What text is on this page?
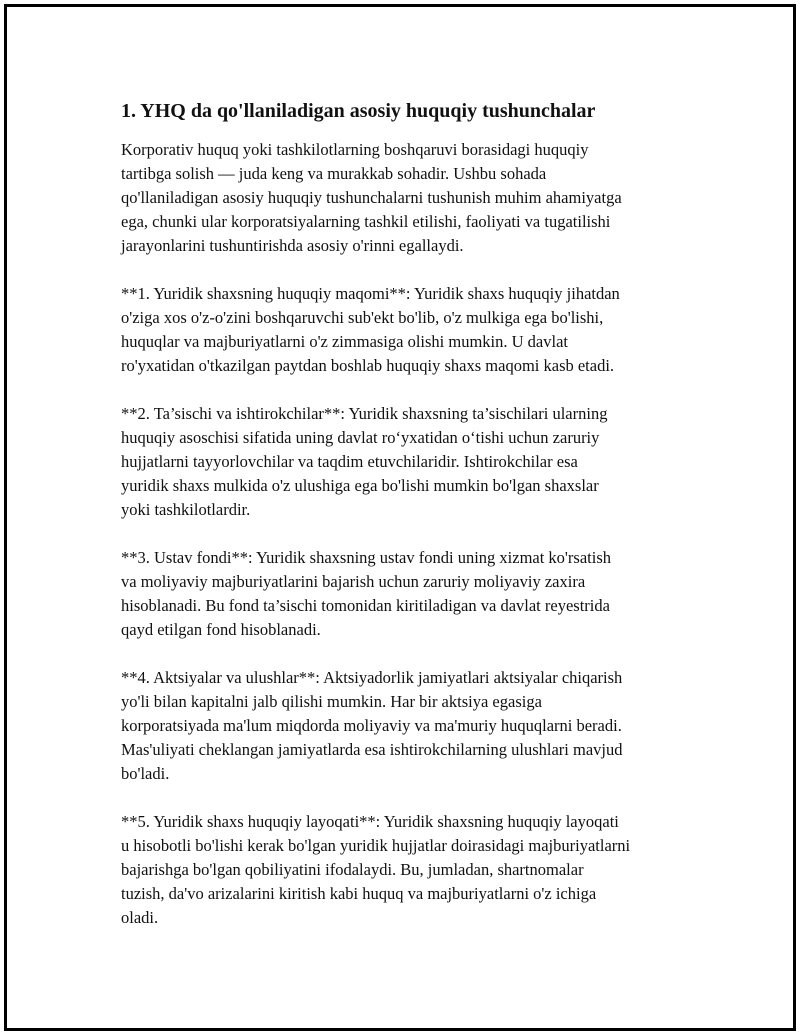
1. YHQ da qo'llaniladigan asosiy huquqiy tushunchalar

Korporativ huquq yoki tashkilotlarning boshqaruvi borasidagi huquqiy
tartibga solish — juda keng va murakkab sohadir. Ushbu sohada
qo'llaniladigan asosiy huquqiy tushunchalarni tushunish muhim ahamiyatga
ega, chunki ular korporatsiyalarning tashkil etilishi, faoliyati va tugatilishi
jarayonlarini tushuntirishda asosiy o'rinni egallaydi.

**1. Yuridik shaxsning huquqiy maqomi**: Yuridik shaxs huquqiy jihatdan
o'ziga xos o'z-o'zini boshqaruvchi sub'ekt bo'lib, o'z mulkiga ega bo'lishi,
huquqlar va majburiyatlarni o'z zimmasiga olishi mumkin. U davlat
ro'yxatidan o'tkazilgan paytdan boshlab huquqiy shaxs maqomi kasb etadi.

**2. Ta’sischi va ishtirokchilar**: Yuridik shaxsning ta’sischilari ularning
huquqiy asoschisi sifatida uning davlat ro‘yxatidan o‘tishi uchun zaruriy
hujjatlarni tayyorlovchilar va taqdim etuvchilaridir. Ishtirokchilar esa
yuridik shaxs mulkida o'z ulushiga ega bo'lishi mumkin bo'lgan shaxslar
yoki tashkilotlardir.

**3. Ustav fondi**: Yuridik shaxsning ustav fondi uning xizmat ko'rsatish
va moliyaviy majburiyatlarini bajarish uchun zaruriy moliyaviy zaxira
hisoblanadi. Bu fond ta’sischi tomonidan kiritiladigan va davlat reyestrida
qayd etilgan fond hisoblanadi.

**4. Aktsiyalar va ulushlar**: Aktsiyadorlik jamiyatlari aktsiyalar chiqarish
yo'li bilan kapitalni jalb qilishi mumkin. Har bir aktsiya egasiga
korporatsiyada ma'lum miqdorda moliyaviy va ma'muriy huquqlarni beradi.
Mas'uliyati cheklangan jamiyatlarda esa ishtirokchilarning ulushlari mavjud
bo'ladi.

**5. Yuridik shaxs huquqiy layoqati**: Yuridik shaxsning huquqiy layoqati
u hisobotli bo'lishi kerak bo'lgan yuridik hujjatlar doirasidagi majburiyatlarni
bajarishga bo'lgan qobiliyatini ifodalaydi. Bu, jumladan, shartnomalar
tuzish, da'vo arizalarini kiritish kabi huquq va majburiyatlarni o'z ichiga
oladi.
